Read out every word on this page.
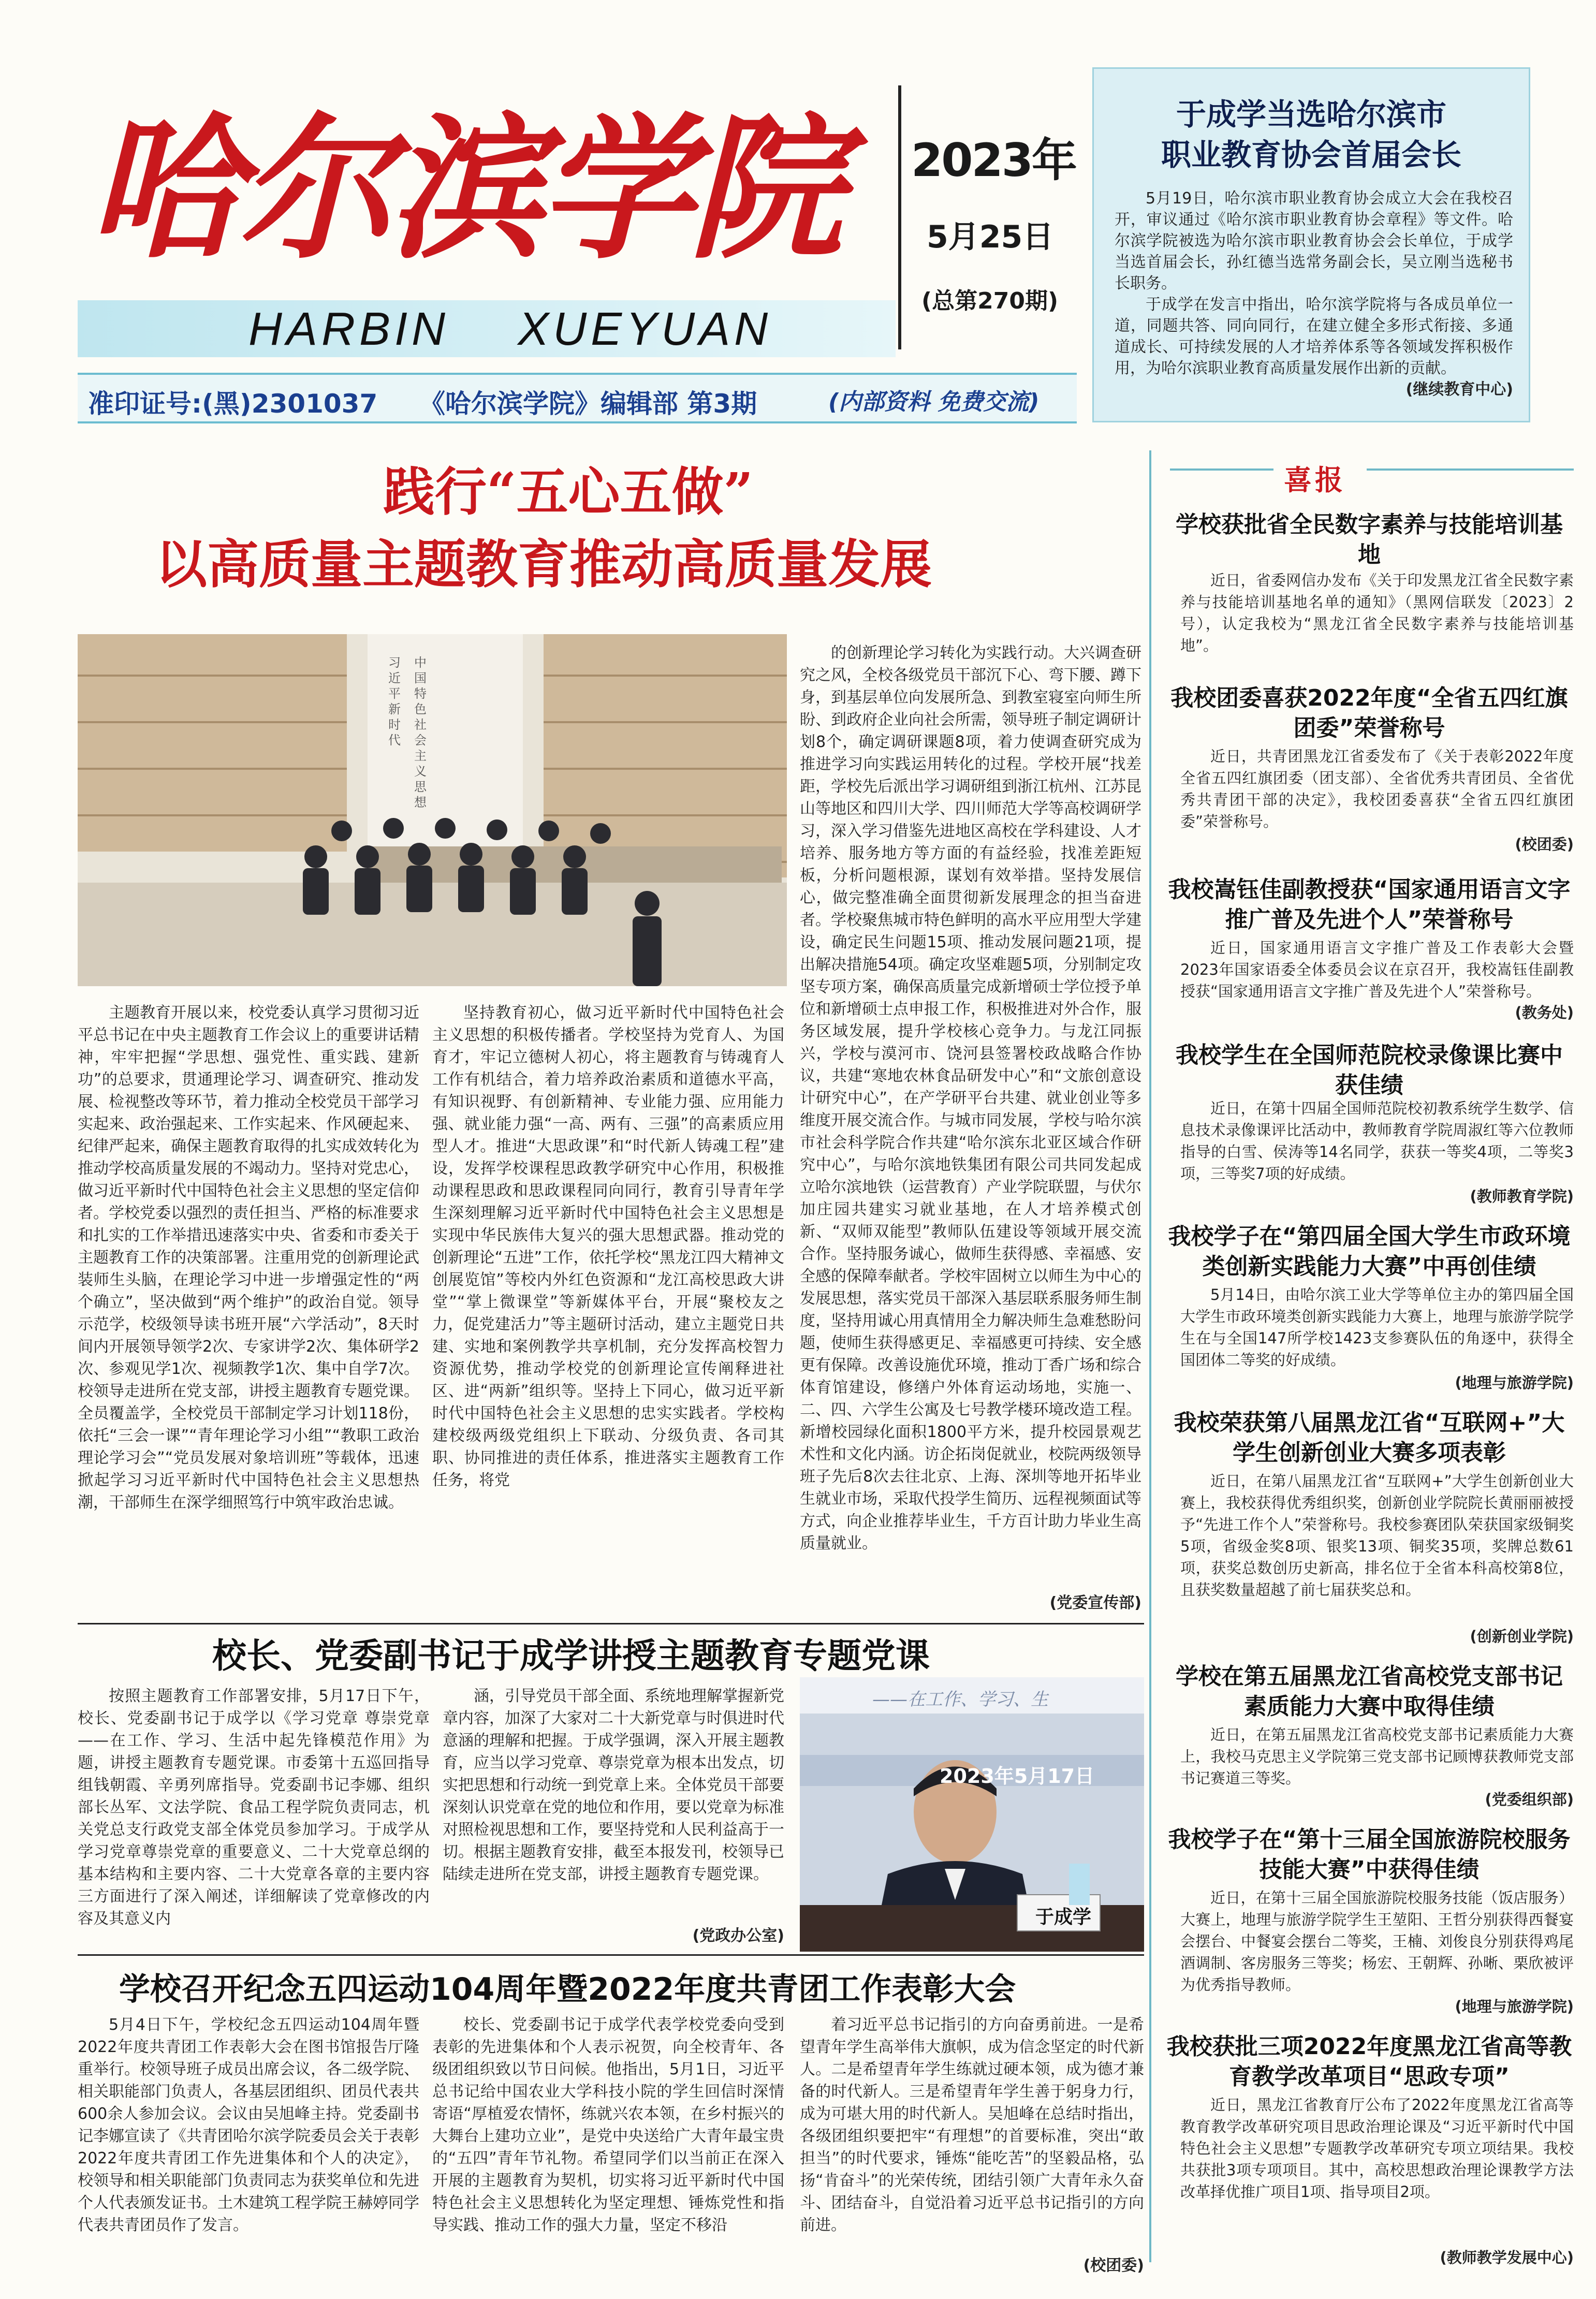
哈尔滨学院
HARBIN    XUEYUAN
2023年
5月25日
(总第270期)
准印证号:(黑)2301037 《哈尔滨学院》编辑部 第3期	(内部资料 免费交流)
于成学当选哈尔滨市
职业教育协会首届会长
5月19日，哈尔滨市职业教育协会成立大会在我校召开，审议通过《哈尔滨市职业教育协会章程》等文件。哈尔滨学院被选为哈尔滨市职业教育协会会长单位，于成学当选首届会长，孙红德当选常务副会长，吴立刚当选秘书长职务。
于成学在发言中指出，哈尔滨学院将与各成员单位一道，同题共答、同向同行，在建立健全多形式衔接、多通道成长、可持续发展的人才培养体系等各领域发挥积极作用，为哈尔滨职业教育高质量发展作出新的贡献。
(继续教育中心)
践行“五心五做”
以高质量主题教育推动高质量发展
习近平新时代
中国特色社会主义思想

主题教育开展以来，校党委认真学习贯彻习近平总书记在中央主题教育工作会议上的重要讲话精神，牢牢把握“学思想、强党性、重实践、建新功”的总要求，贯通理论学习、调查研究、推动发展、检视整改等环节，着力推动全校党员干部学习实起来、政治强起来、工作实起来、作风硬起来、纪律严起来，确保主题教育取得的扎实成效转化为推动学校高质量发展的不竭动力。坚持对党忠心，做习近平新时代中国特色社会主义思想的坚定信仰者。学校党委以强烈的责任担当、严格的标准要求和扎实的工作举措迅速落实中央、省委和市委关于主题教育工作的决策部署。注重用党的创新理论武装师生头脑，在理论学习中进一步增强定性的“两个确立”，坚决做到“两个维护”的政治自觉。领导示范学，校级领导读书班开展“六学活动”，8天时间内开展领导领学2次、专家讲学2次、集体研学2次、参观见学1次、视频教学1次、集中自学7次。校领导走进所在党支部，讲授主题教育专题党课。全员覆盖学，全校党员干部制定学习计划118份，依托“三会一课”“青年理论学习小组”“教职工政治理论学习会”“党员发展对象培训班”等载体，迅速掀起学习习近平新时代中国特色社会主义思想热潮，干部师生在深学细照笃行中筑牢政治忠诚。

坚持教育初心，做习近平新时代中国特色社会主义思想的积极传播者。学校坚持为党育人、为国育才，牢记立德树人初心，将主题教育与铸魂育人工作有机结合，着力培养政治素质和道德水平高，有知识视野、有创新精神、专业能力强、应用能力强、就业能力强“一高、两有、三强”的高素质应用型人才。推进“大思政课”和“时代新人铸魂工程”建设，发挥学校课程思政教学研究中心作用，积极推动课程思政和思政课程同向同行，教育引导青年学生深刻理解习近平新时代中国特色社会主义思想是实现中华民族伟大复兴的强大思想武器。推动党的创新理论“五进”工作，依托学校“黑龙江四大精神文创展览馆”等校内外红色资源和“龙江高校思政大讲堂”“掌上微课堂”等新媒体平台，开展“聚校友之力，促党建活力”等主题研讨活动，建立主题党日共建、实地和案例教学共享机制，充分发挥高校智力资源优势，推动学校党的创新理论宣传阐释进社区、进“两新”组织等。坚持上下同心，做习近平新时代中国特色社会主义思想的忠实实践者。学校构建校级两级党组织上下联动、分级负责、各司其职、协同推进的责任体系，推进落实主题教育工作任务，将党

的创新理论学习转化为实践行动。大兴调查研究之风，全校各级党员干部沉下心、弯下腰、蹲下身，到基层单位向发展所急、到教室寝室向师生所盼、到政府企业向社会所需，领导班子制定调研计划8个，确定调研课题8项，着力使调查研究成为推进学习向实践运用转化的过程。学校开展“找差距，学校先后派出学习调研组到浙江杭州、江苏昆山等地区和四川大学、四川师范大学等高校调研学习，深入学习借鉴先进地区高校在学科建设、人才培养、服务地方等方面的有益经验，找准差距短板，分析问题根源，谋划有效举措。坚持发展信心，做完整准确全面贯彻新发展理念的担当奋进者。学校聚焦城市特色鲜明的高水平应用型大学建设，确定民生问题15项、推动发展问题21项，提出解决措施54项。确定攻坚难题5项，分别制定攻坚专项方案，确保高质量完成新增硕士学位授予单位和新增硕士点申报工作，积极推进对外合作，服务区域发展，提升学校核心竞争力。与龙江同振兴，学校与漠河市、饶河县签署校政战略合作协议，共建“寒地农林食品研发中心”和“文旅创意设计研究中心”，在产学研平台共建、就业创业等多维度开展交流合作。与城市同发展，学校与哈尔滨市社会科学院合作共建“哈尔滨东北亚区域合作研究中心”，与哈尔滨地铁集团有限公司共同发起成立哈尔滨地铁（运营教育）产业学院联盟，与伏尔加庄园共建实习就业基地，在人才培养模式创新、“双师双能型”教师队伍建设等领域开展交流合作。坚持服务诚心，做师生获得感、幸福感、安全感的保障奉献者。学校牢固树立以师生为中心的发展思想，落实党员干部深入基层联系服务师生制度，坚持用诚心用真情用全力解决师生急难愁盼问题，使师生获得感更足、幸福感更可持续、安全感更有保障。改善设施优环境，推动丁香广场和综合体育馆建设，修缮户外体育运动场地，实施一、二、四、六学生公寓及七号教学楼环境改造工程。新增校园绿化面积1800平方米，提升校园景观艺术性和文化内涵。访企拓岗促就业，校院两级领导班子先后8次去往北京、上海、深圳等地开拓毕业生就业市场，采取代投学生简历、远程视频面试等方式，向企业推荐毕业生，千方百计助力毕业生高质量就业。

(党委宣传部)

校长、党委副书记于成学讲授主题教育专题党课

按照主题教育工作部署安排，5月17日下午，校长、党委副书记于成学以《学习党章 尊崇党章——在工作、学习、生活中起先锋模范作用》为题，讲授主题教育专题党课。市委第十五巡回指导组钱朝霞、辛勇列席指导。党委副书记李娜、组织部长丛军、文法学院、食品工程学院负责同志，机关党总支行政党支部全体党员参加学习。于成学从学习党章尊崇党章的重要意义、二十大党章总纲的基本结构和主要内容、二十大党章各章的主要内容三方面进行了深入阐述，详细解读了党章修改的内容及其意义内

涵，引导党员干部全面、系统地理解掌握新党章内容，加深了大家对二十大新党章与时俱进时代意涵的理解和把握。于成学强调，深入开展主题教育，应当以学习党章、尊崇党章为根本出发点，切实把思想和行动统一到党章上来。全体党员干部要深刻认识党章在党的地位和作用，要以党章为标准对照检视思想和工作，要坚持党和人民利益高于一切。根据主题教育安排，截至本报发刊，校领导已陆续走进所在党支部，讲授主题教育专题党课。

(党政办公室)

——在工作、学习、生
2023年5月17日
于成学
学校召开纪念五四运动104周年暨2022年度共青团工作表彰大会

5月4日下午，学校纪念五四运动104周年暨2022年度共青团工作表彰大会在图书馆报告厅隆重举行。校领导班子成员出席会议，各二级学院、相关职能部门负责人，各基层团组织、团员代表共600余人参加会议。会议由吴旭峰主持。党委副书记李娜宣读了《共青团哈尔滨学院委员会关于表彰2022年度共青团工作先进集体和个人的决定》，校领导和相关职能部门负责同志为获奖单位和先进个人代表颁发证书。土木建筑工程学院王赫婷同学代表共青团员作了发言。

校长、党委副书记于成学代表学校党委向受到表彰的先进集体和个人表示祝贺，向全校青年、各级团组织致以节日问候。他指出，5月1日，习近平总书记给中国农业大学科技小院的学生回信时深情寄语“厚植爱农情怀，练就兴农本领，在乡村振兴的大舞台上建功立业”，是党中央送给广大青年最宝贵的“五四”青年节礼物。希望同学们以当前正在深入开展的主题教育为契机，切实将习近平新时代中国特色社会主义思想转化为坚定理想、锤炼党性和指导实践、推动工作的强大力量，坚定不移沿

着习近平总书记指引的方向奋勇前进。一是希望青年学生高举伟大旗帜，成为信念坚定的时代新人。二是希望青年学生练就过硬本领，成为德才兼备的时代新人。三是希望青年学生善于躬身力行，成为可堪大用的时代新人。吴旭峰在总结时指出，各级团组织要把牢“有理想”的首要标准，突出“敢担当”的时代要求，锤炼“能吃苦”的坚毅品格，弘扬“肯奋斗”的光荣传统，团结引领广大青年永久奋斗、团结奋斗，自觉沿着习近平总书记指引的方向前进。

(校团委)

喜报
学校获批省全民数字素养与技能培训基地
近日，省委网信办发布《关于印发黑龙江省全民数字素养与技能培训基地名单的通知》（黑网信联发〔2023〕2号），认定我校为“黑龙江省全民数字素养与技能培训基地”。
我校团委喜获2022年度“全省五四红旗团委”荣誉称号
近日，共青团黑龙江省委发布了《关于表彰2022年度全省五四红旗团委（团支部）、全省优秀共青团员、全省优秀共青团干部的决定》，我校团委喜获“全省五四红旗团委”荣誉称号。
(校团委)
我校嵩钰佳副教授获“国家通用语言文字推广普及先进个人”荣誉称号
近日，国家通用语言文字推广普及工作表彰大会暨2023年国家语委全体委员会议在京召开，我校嵩钰佳副教授获“国家通用语言文字推广普及先进个人”荣誉称号。
(教务处)
我校学生在全国师范院校录像课比赛中获佳绩
近日，在第十四届全国师范院校初教系统学生数学、信息技术录像课评比活动中，教师教育学院周淑红等六位教师指导的白雪、侯涛等14名同学，获获一等奖4项，二等奖3项，三等奖7项的好成绩。
(教师教育学院)
我校学子在“第四届全国大学生市政环境类创新实践能力大赛”中再创佳绩
5月14日，由哈尔滨工业大学等单位主办的第四届全国大学生市政环境类创新实践能力大赛上，地理与旅游学院学生在与全国147所学校1423支参赛队伍的角逐中，获得全国团体二等奖的好成绩。
(地理与旅游学院)
我校荣获第八届黑龙江省“互联网+”大学生创新创业大赛多项表彰
近日，在第八届黑龙江省“互联网+”大学生创新创业大赛上，我校获得优秀组织奖，创新创业学院院长黄丽丽被授予“先进工作个人”荣誉称号。我校参赛团队荣获国家级铜奖5项，省级金奖8项、银奖13项、铜奖35项，奖牌总数61项，获奖总数创历史新高，排名位于全省本科高校第8位，且获奖数量超越了前七届获奖总和。
(创新创业学院)
学校在第五届黑龙江省高校党支部书记素质能力大赛中取得佳绩
近日，在第五届黑龙江省高校党支部书记素质能力大赛上，我校马克思主义学院第三党支部书记顾博获教师党支部书记赛道三等奖。
(党委组织部)
我校学子在“第十三届全国旅游院校服务技能大赛”中获得佳绩
近日，在第十三届全国旅游院校服务技能（饭店服务）大赛上，地理与旅游学院学生王堃阳、王哲分别获得西餐宴会摆台、中餐宴会摆台二等奖，王楠、刘俊良分别获得鸡尾酒调制、客房服务三等奖；杨宏、王朝辉、孙晰、栗欣被评为优秀指导教师。
(地理与旅游学院)
我校获批三项2022年度黑龙江省高等教育教学改革项目“思政专项”
近日，黑龙江省教育厅公布了2022年度黑龙江省高等教育教学改革研究项目思政治理论课及“习近平新时代中国特色社会主义思想”专题教学改革研究专项立项结果。我校共获批3项专项项目。其中，高校思想政治理论课教学方法改革择优推广项目1项、指导项目2项。
(教师教学发展中心)
